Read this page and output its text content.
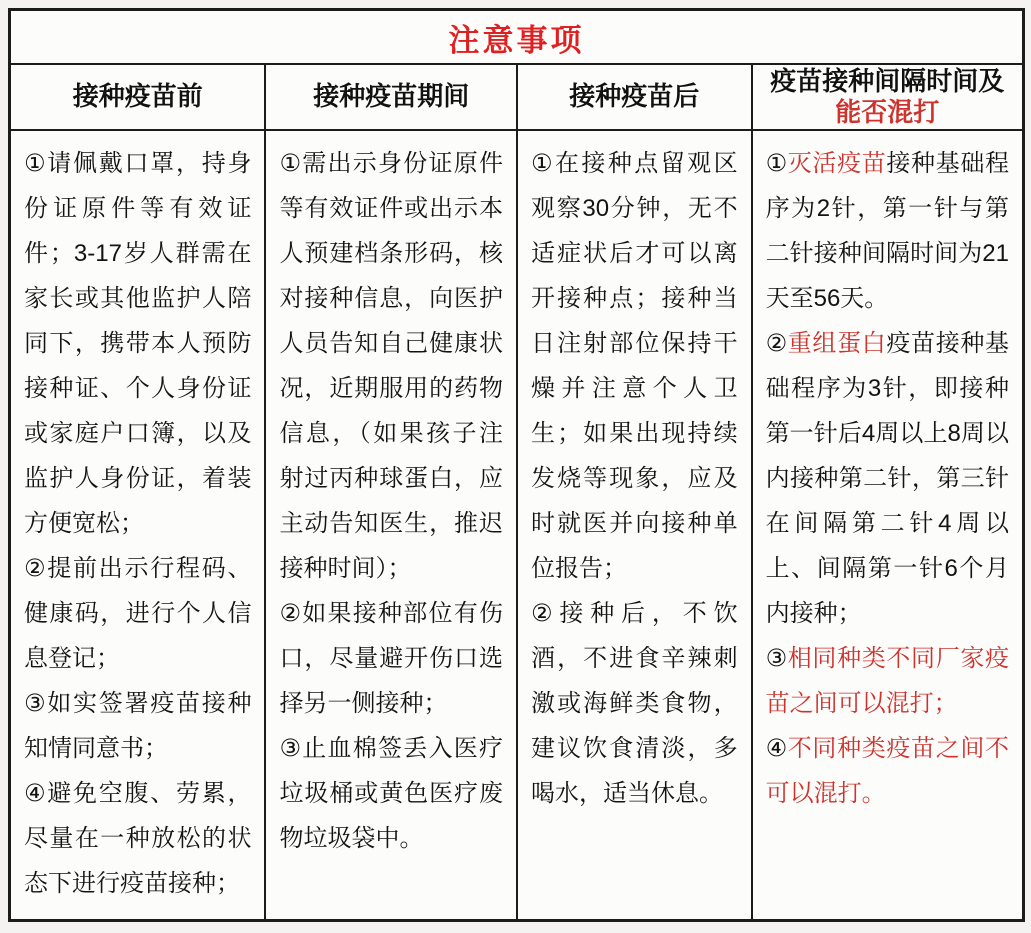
注意事项
接种疫苗前	接种疫苗期间	接种疫苗后
疫苗接种间隔时间及
能否混打

①请佩戴口罩，持身份证原件等有效证件；3-17岁人群需在家长或其他监护人陪同下，携带本人预防接种证、个人身份证或家庭户口簿，以及监护人身份证，着装方便宽松；

②提前出示行程码、健康码，进行个人信息登记；

③如实签署疫苗接种知情同意书；

④避免空腹、劳累，尽量在一种放松的状态下进行疫苗接种；

①需出示身份证原件等有效证件或出示本人预建档条形码，核对接种信息，向医护人员告知自己健康状况，近期服用的药物信息，（如果孩子注射过丙种球蛋白，应主动告知医生，推迟接种时间）；

②如果接种部位有伤口，尽量避开伤口选择另一侧接种；

③止血棉签丢入医疗垃圾桶或黄色医疗废物垃圾袋中。

①在接种点留观区观察30分钟，无不适症状后才可以离开接种点；接种当日注射部位保持干燥并注意个人卫生；如果出现持续发烧等现象，应及时就医并向接种单位报告；

②接种后，不饮酒，不进食辛辣刺激或海鲜类食物，建议饮食清淡，多喝水，适当休息。

①灭活疫苗接种基础程序为2针，第一针与第二针接种间隔时间为21天至56天。

②重组蛋白疫苗接种基础程序为3针，即接种第一针后4周以上8周以内接种第二针，第三针在间隔第二针4周以上、间隔第一针6个月内接种；

③相同种类不同厂家疫苗之间可以混打；

④不同种类疫苗之间不可以混打。
